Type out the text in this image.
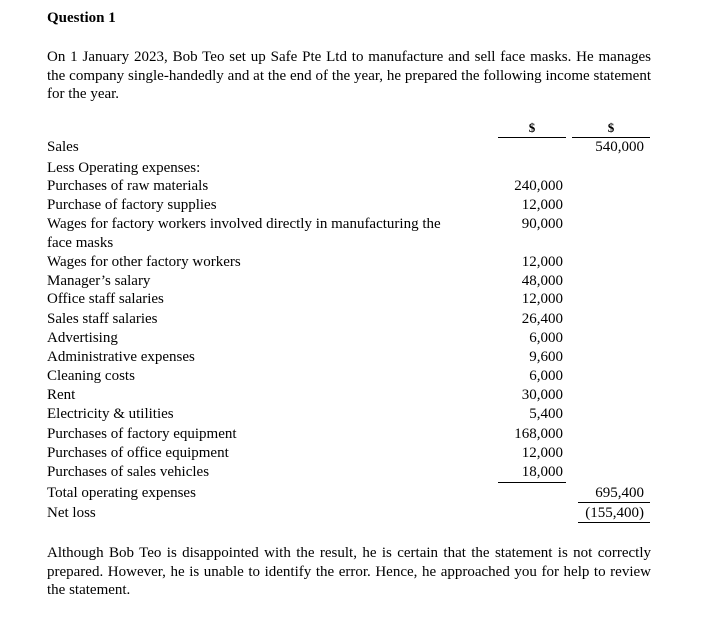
Question 1
On 1 January 2023, Bob Teo set up Safe Pte Ltd to manufacture and sell face masks. He manages the company single-handedly and at the end of the year, he prepared the following income statement for the year.
$	$
Sales	540,000
Less Operating expenses:
Purchases of raw materials	240,000
Purchase of factory supplies	12,000
Wages for factory workers involved directly in manufacturing the	90,000
face masks
Wages for other factory workers	12,000
Manager’s salary	48,000
Office staff salaries	12,000
Sales staff salaries	26,400
Advertising	6,000
Administrative expenses	9,600
Cleaning costs	6,000
Rent	30,000
Electricity & utilities	5,400
Purchases of factory equipment	168,000
Purchases of office equipment	12,000
Purchases of sales vehicles	18,000
Total operating expenses	695,400
Net loss	(155,400)
Although Bob Teo is disappointed with the result, he is certain that the statement is not correctly prepared. However, he is unable to identify the error. Hence, he approached you for help to review the statement.
